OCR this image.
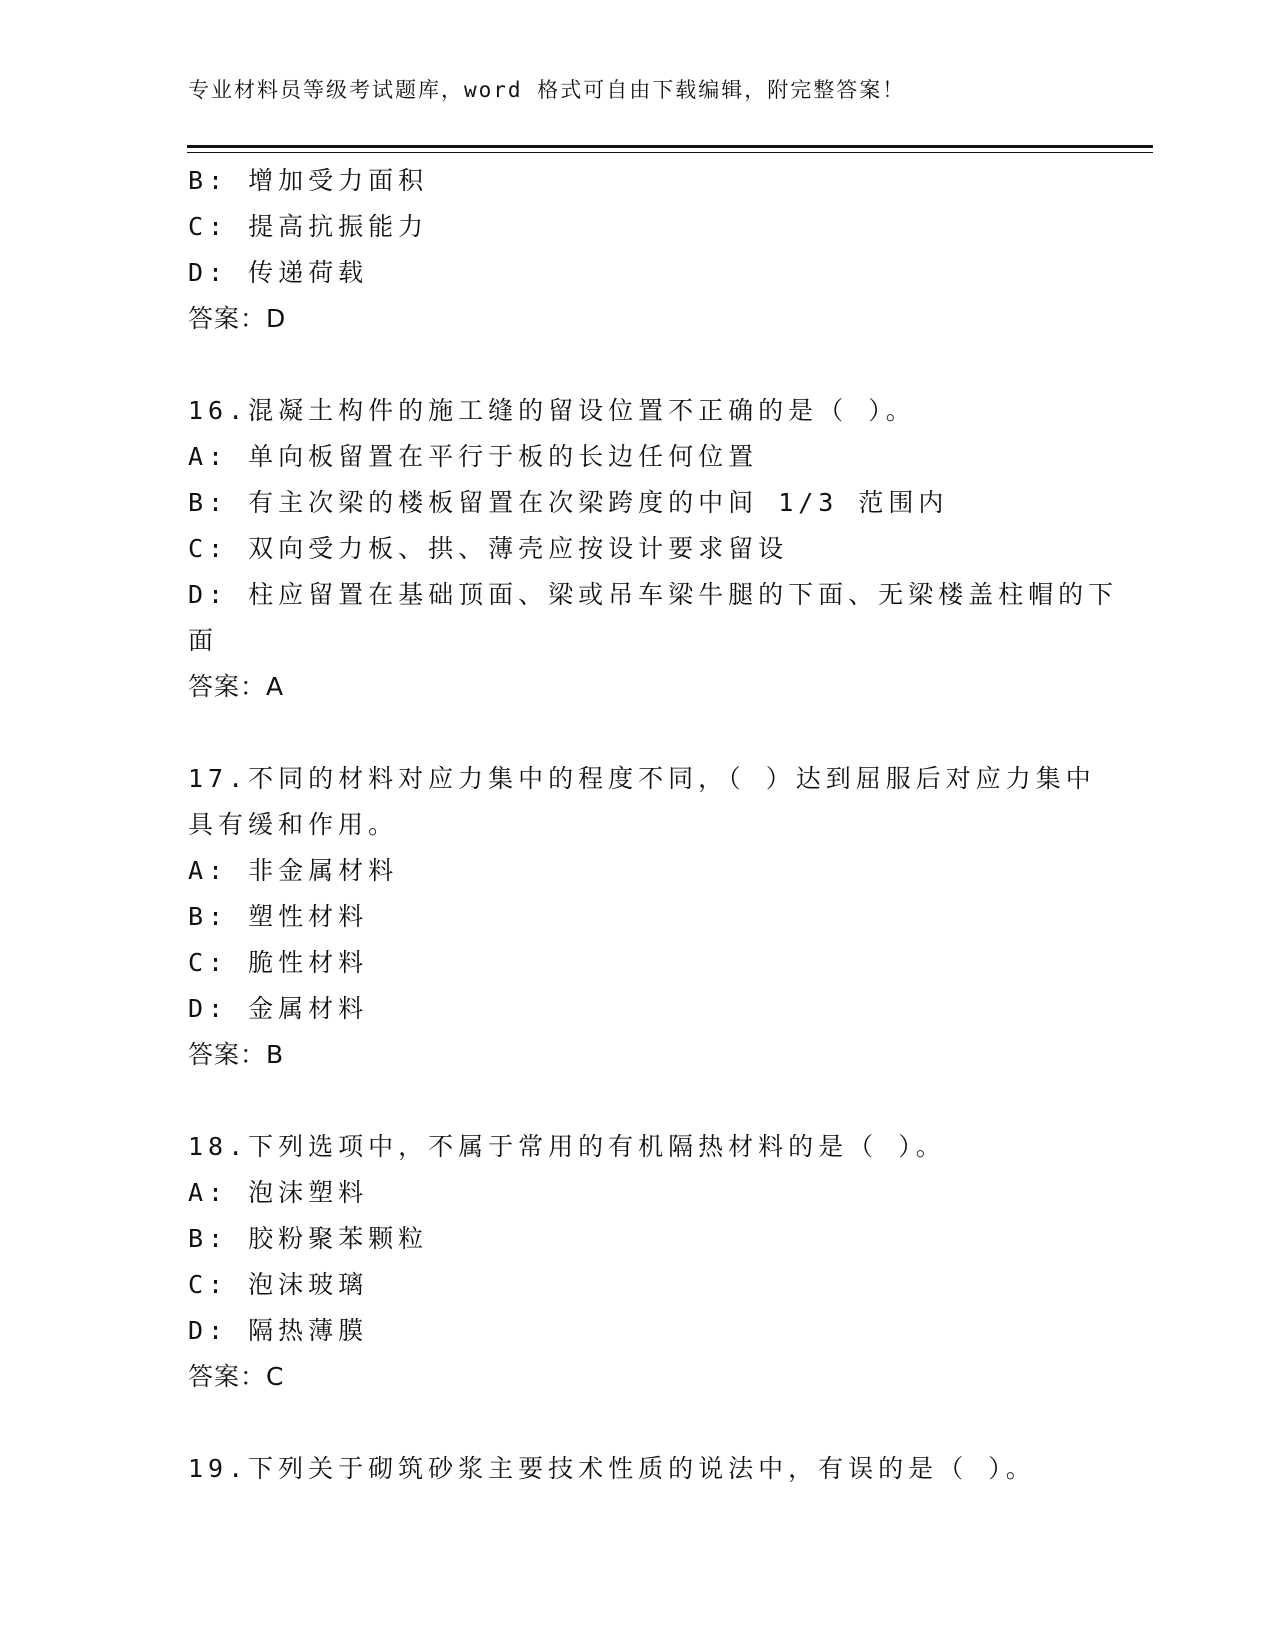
专业材料员等级考试题库，word 格式可自由下载编辑，附完整答案！
B: 增加受力面积
C: 提高抗振能力
D: 传递荷载
答案：D
16.混凝土构件的施工缝的留设位置不正确的是（ ）。
A: 单向板留置在平行于板的长边任何位置
B: 有主次梁的楼板留置在次梁跨度的中间 1/3 范围内
C: 双向受力板、拱、薄壳应按设计要求留设
D: 柱应留置在基础顶面、梁或吊车梁牛腿的下面、无梁楼盖柱帽的下
面
答案：A
17.不同的材料对应力集中的程度不同，（ ）达到屈服后对应力集中
具有缓和作用。
A: 非金属材料
B: 塑性材料
C: 脆性材料
D: 金属材料
答案：B
18.下列选项中，不属于常用的有机隔热材料的是（ ）。
A: 泡沫塑料
B: 胶粉聚苯颗粒
C: 泡沫玻璃
D: 隔热薄膜
答案：C
19.下列关于砌筑砂浆主要技术性质的说法中，有误的是（ ）。
